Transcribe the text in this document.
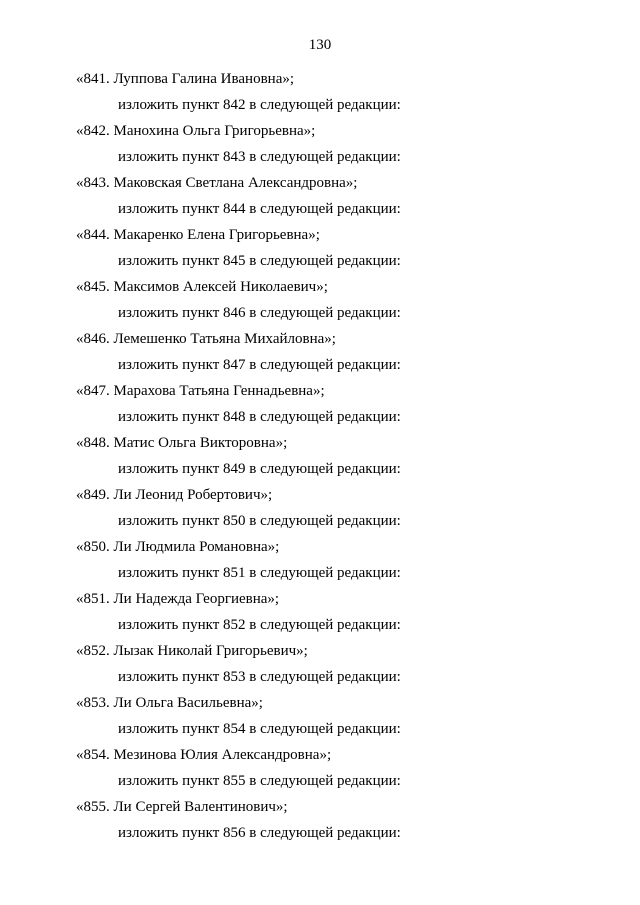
130
«841. Луппова Галина Ивановна»;
изложить пункт 842 в следующей редакции:
«842. Манохина Ольга Григорьевна»;
изложить пункт 843 в следующей редакции:
«843. Маковская Светлана Александровна»;
изложить пункт 844 в следующей редакции:
«844. Макаренко Елена Григорьевна»;
изложить пункт 845 в следующей редакции:
«845. Максимов Алексей Николаевич»;
изложить пункт 846 в следующей редакции:
«846. Лемешенко Татьяна Михайловна»;
изложить пункт 847 в следующей редакции:
«847. Марахова Татьяна Геннадьевна»;
изложить пункт 848 в следующей редакции:
«848. Матис Ольга Викторовна»;
изложить пункт 849 в следующей редакции:
«849. Ли Леонид Робертович»;
изложить пункт 850 в следующей редакции:
«850. Ли Людмила Романовна»;
изложить пункт 851 в следующей редакции:
«851. Ли Надежда Георгиевна»;
изложить пункт 852 в следующей редакции:
«852. Лызак Николай Григорьевич»;
изложить пункт 853 в следующей редакции:
«853. Ли Ольга Васильевна»;
изложить пункт 854 в следующей редакции:
«854. Мезинова Юлия Александровна»;
изложить пункт 855 в следующей редакции:
«855. Ли Сергей Валентинович»;
изложить пункт 856 в следующей редакции:
